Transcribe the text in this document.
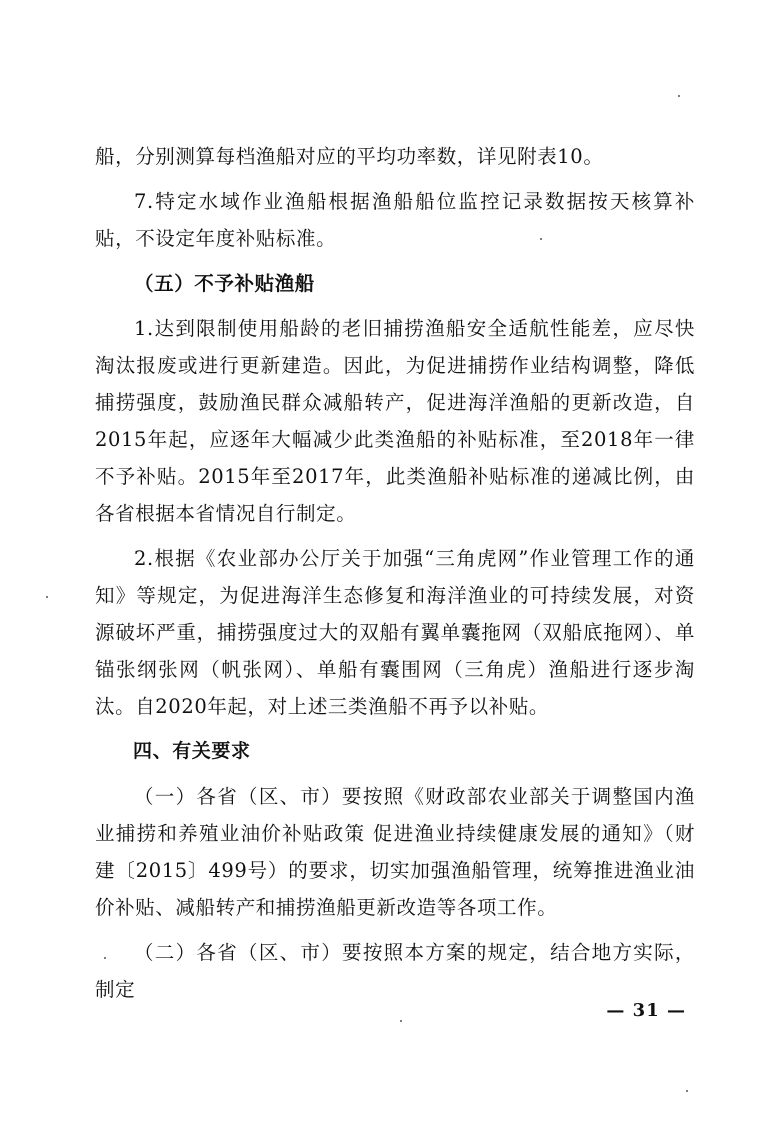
船，分别测算每档渔船对应的平均功率数，详见附表10。

7.特定水域作业渔船根据渔船船位监控记录数据按天核算补贴，不设定年度补贴标准。

（五）不予补贴渔船

1.达到限制使用船龄的老旧捕捞渔船安全适航性能差，应尽快淘汰报废或进行更新建造。因此，为促进捕捞作业结构调整，降低捕捞强度，鼓励渔民群众减船转产，促进海洋渔船的更新改造，自2015年起，应逐年大幅减少此类渔船的补贴标准，至2018年一律不予补贴。2015年至2017年，此类渔船补贴标准的递减比例，由各省根据本省情况自行制定。

2.根据《农业部办公厅关于加强“三角虎网”作业管理工作的通知》等规定，为促进海洋生态修复和海洋渔业的可持续发展，对资源破坏严重，捕捞强度过大的双船有翼单囊拖网（双船底拖网）、单锚张纲张网（帆张网）、单船有囊围网（三角虎）渔船进行逐步淘汰。自2020年起，对上述三类渔船不再予以补贴。

四、有关要求

（一）各省（区、市）要按照《财政部农业部关于调整国内渔业捕捞和养殖业油价补贴政策 促进渔业持续健康发展的通知》（财建〔2015〕499号）的要求，切实加强渔船管理，统筹推进渔业油价补贴、减船转产和捕捞渔船更新改造等各项工作。

（二）各省（区、市）要按照本方案的规定，结合地方实际，制定

— 31 —
